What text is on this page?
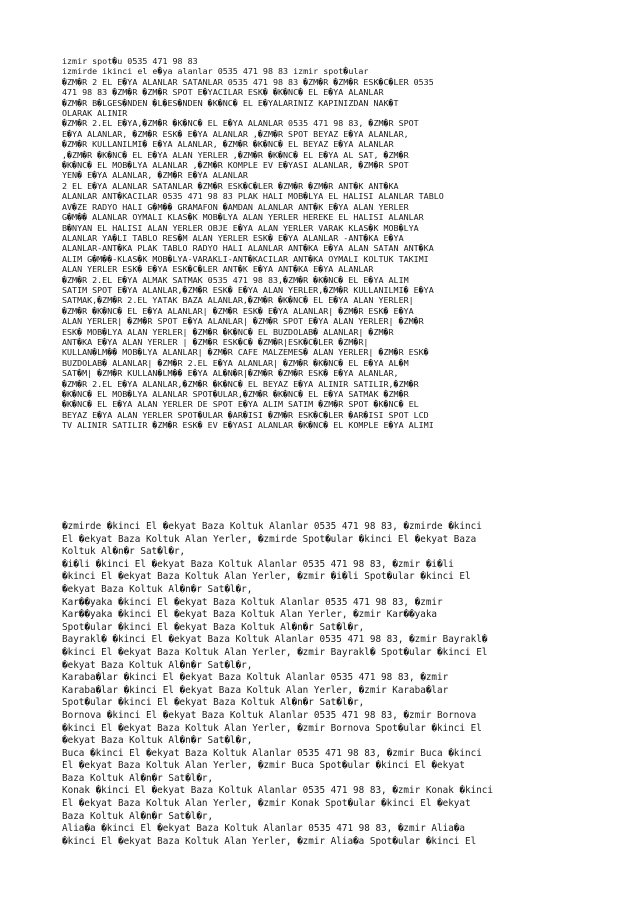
izmir spot�u 0535 471 98 83
izmirde ikinci el e�ya alanlar 0535 471 98 83 izmir spot�ular
�ZM�R 2 EL E�YA ALANLAR SATANLAR 0535 471 98 83 �ZM�R �ZM�R ESK�C�LER 0535
471 98 83 �ZM�R �ZM�R SPOT E�YACILAR ESK� �K�NC� EL E�YA ALANLAR
�ZM�R B�LGES�NDEN �L�ES�NDEN �K�NC� EL E�YALARINIZ KAPINIZDAN NAK�T
OLARAK ALINIR
�ZM�R 2.EL E�YA,�ZM�R �K�NC� EL E�YA ALANLAR 0535 471 98 83, �ZM�R SPOT
E�YA ALANLAR, �ZM�R ESK� E�YA ALANLAR ,�ZM�R SPOT BEYAZ E�YA ALANLAR,
�ZM�R KULLANILMI� E�YA ALANLAR, �ZM�R �K�NC� EL BEYAZ E�YA ALANLAR
,�ZM�R �K�NC� EL E�YA ALAN YERLER ,�ZM�R �K�NC� EL E�YA AL SAT, �ZM�R
�K�NC� EL MOB�LYA ALANLAR ,�ZM�R KOMPLE EV E�YASI ALANLAR, �ZM�R SPOT
YEN� E�YA ALANLAR, �ZM�R E�YA ALANLAR
2 EL E�YA ALANLAR SATANLAR �ZM�R ESK�C�LER �ZM�R �ZM�R ANT�K ANT�KA
ALANLAR ANT�KACILAR 0535 471 98 83 PLAK HALI MOB�LYA EL HALISI ALANLAR TABLO
AV�ZE RADYO HALI G�M�� GRAMAFON �AMDAN ALANLAR ANT�K E�YA ALAN YERLER
G�M�� ALANLAR OYMALI KLAS�K MOB�LYA ALAN YERLER HEREKE EL HALISI ALANLAR
B�NYAN EL HALISI ALAN YERLER OBJE E�YA ALAN YERLER VARAK KLAS�K MOB�LYA
ALANLAR YA�LI TABLO RES�M ALAN YERLER ESK� E�YA ALANLAR -ANT�KA E�YA
ALANLAR-ANT�KA PLAK TABLO RADYO HALI ALANLAR ANT�KA E�YA ALAN SATAN ANT�KA
ALIM G�M��-KLAS�K MOB�LYA-VARAKLI-ANT�KACILAR ANT�KA OYMALI KOLTUK TAKIMI
ALAN YERLER ESK� E�YA ESK�C�LER ANT�K E�YA ANT�KA E�YA ALANLAR
�ZM�R 2.EL E�YA ALMAK SATMAK 0535 471 98 83,�ZM�R �K�NC� EL E�YA ALIM
SATIM SPOT E�YA ALANLAR,�ZM�R ESK� E�YA ALAN YERLER,�ZM�R KULLANILMI� E�YA
SATMAK,�ZM�R 2.EL YATAK BAZA ALANLAR,�ZM�R �K�NC� EL E�YA ALAN YERLER|
�ZM�R �K�NC� EL E�YA ALANLAR| �ZM�R ESK� E�YA ALANLAR| �ZM�R ESK� E�YA
ALAN YERLER| �ZM�R SPOT E�YA ALANLAR| �ZM�R SPOT E�YA ALAN YERLER| �ZM�R
ESK� MOB�LYA ALAN YERLER| �ZM�R �K�NC� EL BUZDOLAB� ALANLAR| �ZM�R
ANT�KA E�YA ALAN YERLER | �ZM�R ESK�C� �ZM�R|ESK�C�LER �ZM�R|
KULLAN�LM�� MOB�LYA ALANLAR| �ZM�R CAFE MALZEMES� ALAN YERLER| �ZM�R ESK�
BUZDOLAB� ALANLAR| �ZM�R 2.EL E�YA ALANLAR| �ZM�R �K�NC� EL E�YA AL�M
SAT�M| �ZM�R KULLAN�LM�� E�YA AL�N�R|�ZM�R �ZM�R ESK� E�YA ALANLAR,
�ZM�R 2.EL E�YA ALANLAR,�ZM�R �K�NC� EL BEYAZ E�YA ALINIR SATILIR,�ZM�R
�K�NC� EL MOB�LYA ALANLAR SPOT�ULAR,�ZM�R �K�NC� EL E�YA SATMAK �ZM�R
�K�NC� EL E�YA ALAN YERLER DE SPOT E�YA ALIM SATIM �ZM�R SPOT �K�NC� EL
BEYAZ E�YA ALAN YERLER SPOT�ULAR �AR�ISI �ZM�R ESK�C�LER �AR�ISI SPOT LCD
TV ALINIR SATILIR �ZM�R ESK� EV E�YASI ALANLAR �K�NC� EL KOMPLE E�YA ALIMI
�zmirde �kinci El �ekyat Baza Koltuk Alanlar 0535 471 98 83, �zmirde �kinci
El �ekyat Baza Koltuk Alan Yerler, �zmirde Spot�ular �kinci El �ekyat Baza
Koltuk Al�n�r Sat�l�r,
�i�li �kinci El �ekyat Baza Koltuk Alanlar 0535 471 98 83, �zmir �i�li
�kinci El �ekyat Baza Koltuk Alan Yerler, �zmir �i�li Spot�ular �kinci El
�ekyat Baza Koltuk Al�n�r Sat�l�r,
Kar��yaka �kinci El �ekyat Baza Koltuk Alanlar 0535 471 98 83, �zmir
Kar��yaka �kinci El �ekyat Baza Koltuk Alan Yerler, �zmir Kar��yaka
Spot�ular �kinci El �ekyat Baza Koltuk Al�n�r Sat�l�r,
Bayrakl� �kinci El �ekyat Baza Koltuk Alanlar 0535 471 98 83, �zmir Bayrakl�
�kinci El �ekyat Baza Koltuk Alan Yerler, �zmir Bayrakl� Spot�ular �kinci El
�ekyat Baza Koltuk Al�n�r Sat�l�r,
Karaba�lar �kinci El �ekyat Baza Koltuk Alanlar 0535 471 98 83, �zmir
Karaba�lar �kinci El �ekyat Baza Koltuk Alan Yerler, �zmir Karaba�lar
Spot�ular �kinci El �ekyat Baza Koltuk Al�n�r Sat�l�r,
Bornova �kinci El �ekyat Baza Koltuk Alanlar 0535 471 98 83, �zmir Bornova
�kinci El �ekyat Baza Koltuk Alan Yerler, �zmir Bornova Spot�ular �kinci El
�ekyat Baza Koltuk Al�n�r Sat�l�r,
Buca �kinci El �ekyat Baza Koltuk Alanlar 0535 471 98 83, �zmir Buca �kinci
El �ekyat Baza Koltuk Alan Yerler, �zmir Buca Spot�ular �kinci El �ekyat
Baza Koltuk Al�n�r Sat�l�r,
Konak �kinci El �ekyat Baza Koltuk Alanlar 0535 471 98 83, �zmir Konak �kinci
El �ekyat Baza Koltuk Alan Yerler, �zmir Konak Spot�ular �kinci El �ekyat
Baza Koltuk Al�n�r Sat�l�r,
Alia�a �kinci El �ekyat Baza Koltuk Alanlar 0535 471 98 83, �zmir Alia�a
�kinci El �ekyat Baza Koltuk Alan Yerler, �zmir Alia�a Spot�ular �kinci El
